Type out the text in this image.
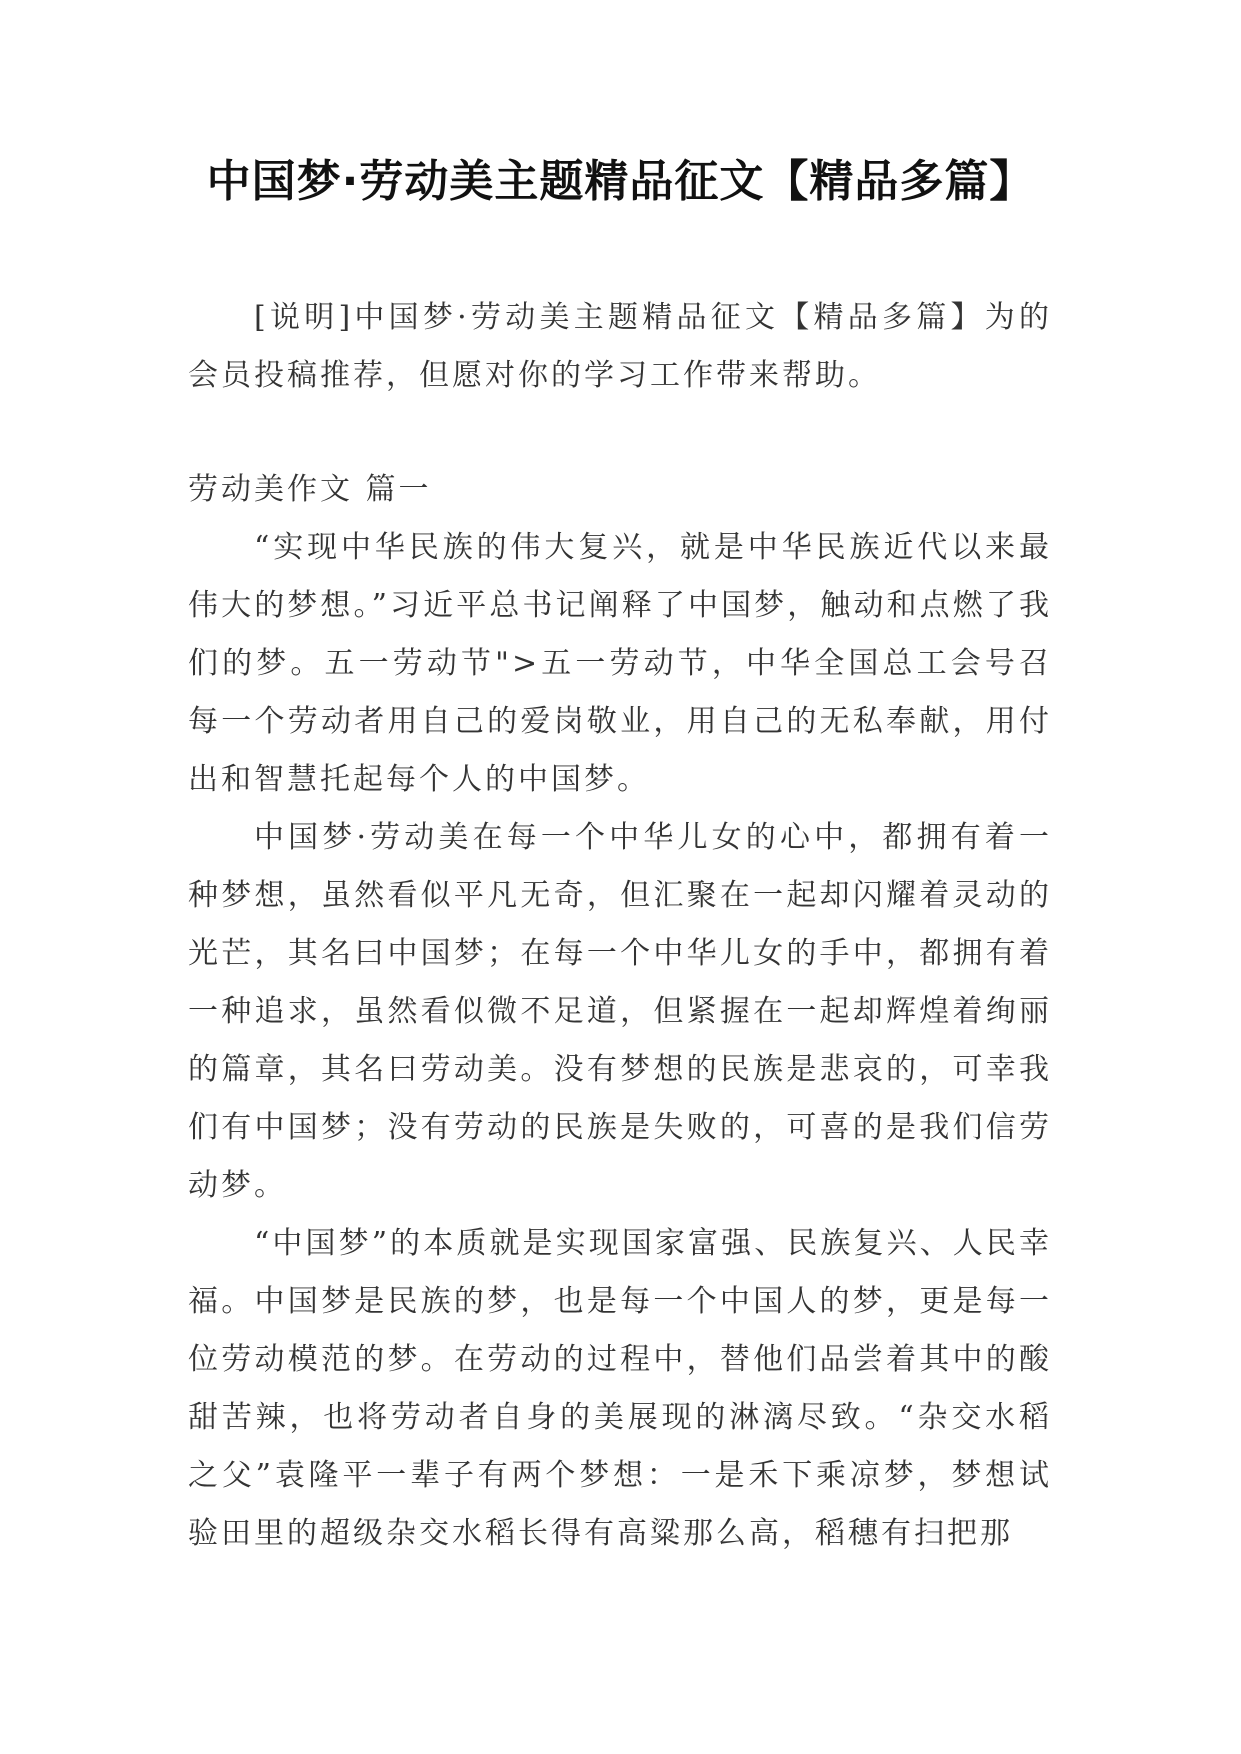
中国梦·劳动美主题精品征文【精品多篇】

[说明]中国梦·劳动美主题精品征文【精品多篇】为的会员投稿推荐，但愿对你的学习工作带来帮助。

劳动美作文 篇一

“实现中华民族的伟大复兴，就是中华民族近代以来最伟大的梦想。”习近平总书记阐释了中国梦，触动和点燃了我们的梦。五一劳动节">五一劳动节，中华全国总工会号召每一个劳动者用自己的爱岗敬业，用自己的无私奉献，用付出和智慧托起每个人的中国梦。

中国梦·劳动美在每一个中华儿女的心中，都拥有着一种梦想，虽然看似平凡无奇，但汇聚在一起却闪耀着灵动的光芒，其名曰中国梦；在每一个中华儿女的手中，都拥有着一种追求，虽然看似微不足道，但紧握在一起却辉煌着绚丽的篇章，其名曰劳动美。没有梦想的民族是悲哀的，可幸我们有中国梦；没有劳动的民族是失败的，可喜的是我们信劳动梦。

“中国梦”的本质就是实现国家富强、民族复兴、人民幸福。中国梦是民族的梦，也是每一个中国人的梦，更是每一位劳动模范的梦。在劳动的过程中，替他们品尝着其中的酸甜苦辣，也将劳动者自身的美展现的淋漓尽致。“杂交水稻之父”袁隆平一辈子有两个梦想：一是禾下乘凉梦，梦想试验田里的超级杂交水稻长得有高粱那么高，稻穗有扫把那
